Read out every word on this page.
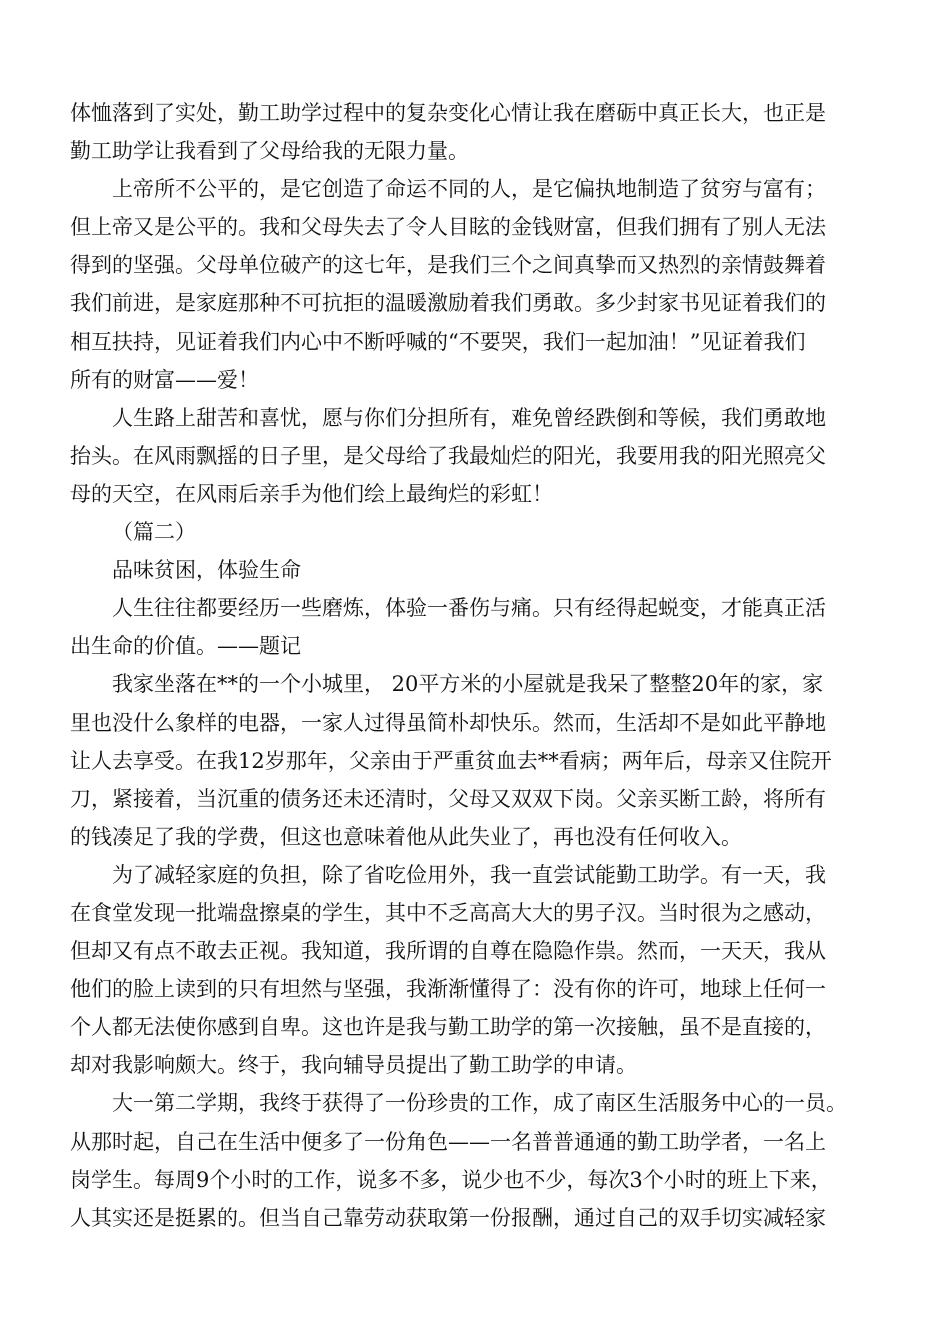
体恤落到了实处，勤工助学过程中的复杂变化心情让我在磨砺中真正长大，也正是
勤工助学让我看到了父母给我的无限力量。
上帝所不公平的，是它创造了命运不同的人，是它偏执地制造了贫穷与富有；
但上帝又是公平的。我和父母失去了令人目眩的金钱财富，但我们拥有了别人无法
得到的坚强。父母单位破产的这七年，是我们三个之间真挚而又热烈的亲情鼓舞着
我们前进，是家庭那种不可抗拒的温暖激励着我们勇敢。多少封家书见证着我们的
相互扶持，见证着我们内心中不断呼喊的“不要哭，我们一起加油！”见证着我们
所有的财富——爱！
人生路上甜苦和喜忧，愿与你们分担所有，难免曾经跌倒和等候，我们勇敢地
抬头。在风雨飘摇的日子里，是父母给了我最灿烂的阳光，我要用我的阳光照亮父
母的天空，在风雨后亲手为他们绘上最绚烂的彩虹！
（篇二）
品味贫困，体验生命
人生往往都要经历一些磨炼，体验一番伤与痛。只有经得起蜕变，才能真正活
出生命的价值。——题记
我家坐落在**的一个小城里， 20平方米的小屋就是我呆了整整20年的家，家
里也没什么象样的电器，一家人过得虽简朴却快乐。然而，生活却不是如此平静地
让人去享受。在我12岁那年，父亲由于严重贫血去**看病；两年后，母亲又住院开
刀，紧接着，当沉重的债务还未还清时，父母又双双下岗。父亲买断工龄，将所有
的钱凑足了我的学费，但这也意味着他从此失业了，再也没有任何收入。
为了减轻家庭的负担，除了省吃俭用外，我一直尝试能勤工助学。有一天，我
在食堂发现一批端盘擦桌的学生，其中不乏高高大大的男子汉。当时很为之感动，
但却又有点不敢去正视。我知道，我所谓的自尊在隐隐作祟。然而，一天天，我从
他们的脸上读到的只有坦然与坚强，我渐渐懂得了：没有你的许可，地球上任何一
个人都无法使你感到自卑。这也许是我与勤工助学的第一次接触，虽不是直接的，
却对我影响颇大。终于，我向辅导员提出了勤工助学的申请。
大一第二学期，我终于获得了一份珍贵的工作，成了南区生活服务中心的一员。
从那时起，自己在生活中便多了一份角色——一名普普通通的勤工助学者，一名上
岗学生。每周9个小时的工作，说多不多，说少也不少，每次3个小时的班上下来，
人其实还是挺累的。但当自己靠劳动获取第一份报酬，通过自己的双手切实减轻家
